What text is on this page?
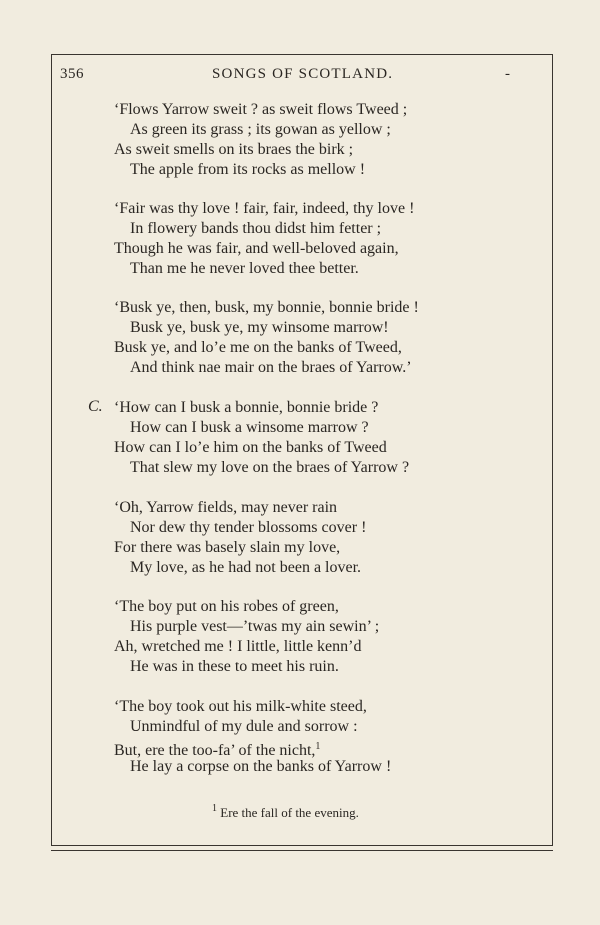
356	SONGS OF SCOTLAND.	-
‘Flows Yarrow sweit ? as sweit flows Tweed ;
As green its grass ; its gowan as yellow ;
As sweit smells on its braes the birk ;
The apple from its rocks as mellow !
‘Fair was thy love ! fair, fair, indeed, thy love !
In flowery bands thou didst him fetter ;
Though he was fair, and well-beloved again,
Than me he never loved thee better.
‘Busk ye, then, busk, my bonnie, bonnie bride !
Busk ye, busk ye, my winsome marrow!
Busk ye, and lo’e me on the banks of Tweed,
And think nae mair on the braes of Yarrow.’
C. ‘How can I busk a bonnie, bonnie bride ?
How can I busk a winsome marrow ?
How can I lo’e him on the banks of Tweed
That slew my love on the braes of Yarrow ?
‘Oh, Yarrow fields, may never rain
Nor dew thy tender blossoms cover !
For there was basely slain my love,
My love, as he had not been a lover.
‘The boy put on his robes of green,
His purple vest—’twas my ain sewin’ ;
Ah, wretched me ! I little, little kenn’d
He was in these to meet his ruin.
‘The boy took out his milk-white steed,
Unmindful of my dule and sorrow :
But, ere the too-fa’ of the nicht,$^1$
He lay a corpse on the banks of Yarrow !
$^1$ Ere the fall of the evening.
